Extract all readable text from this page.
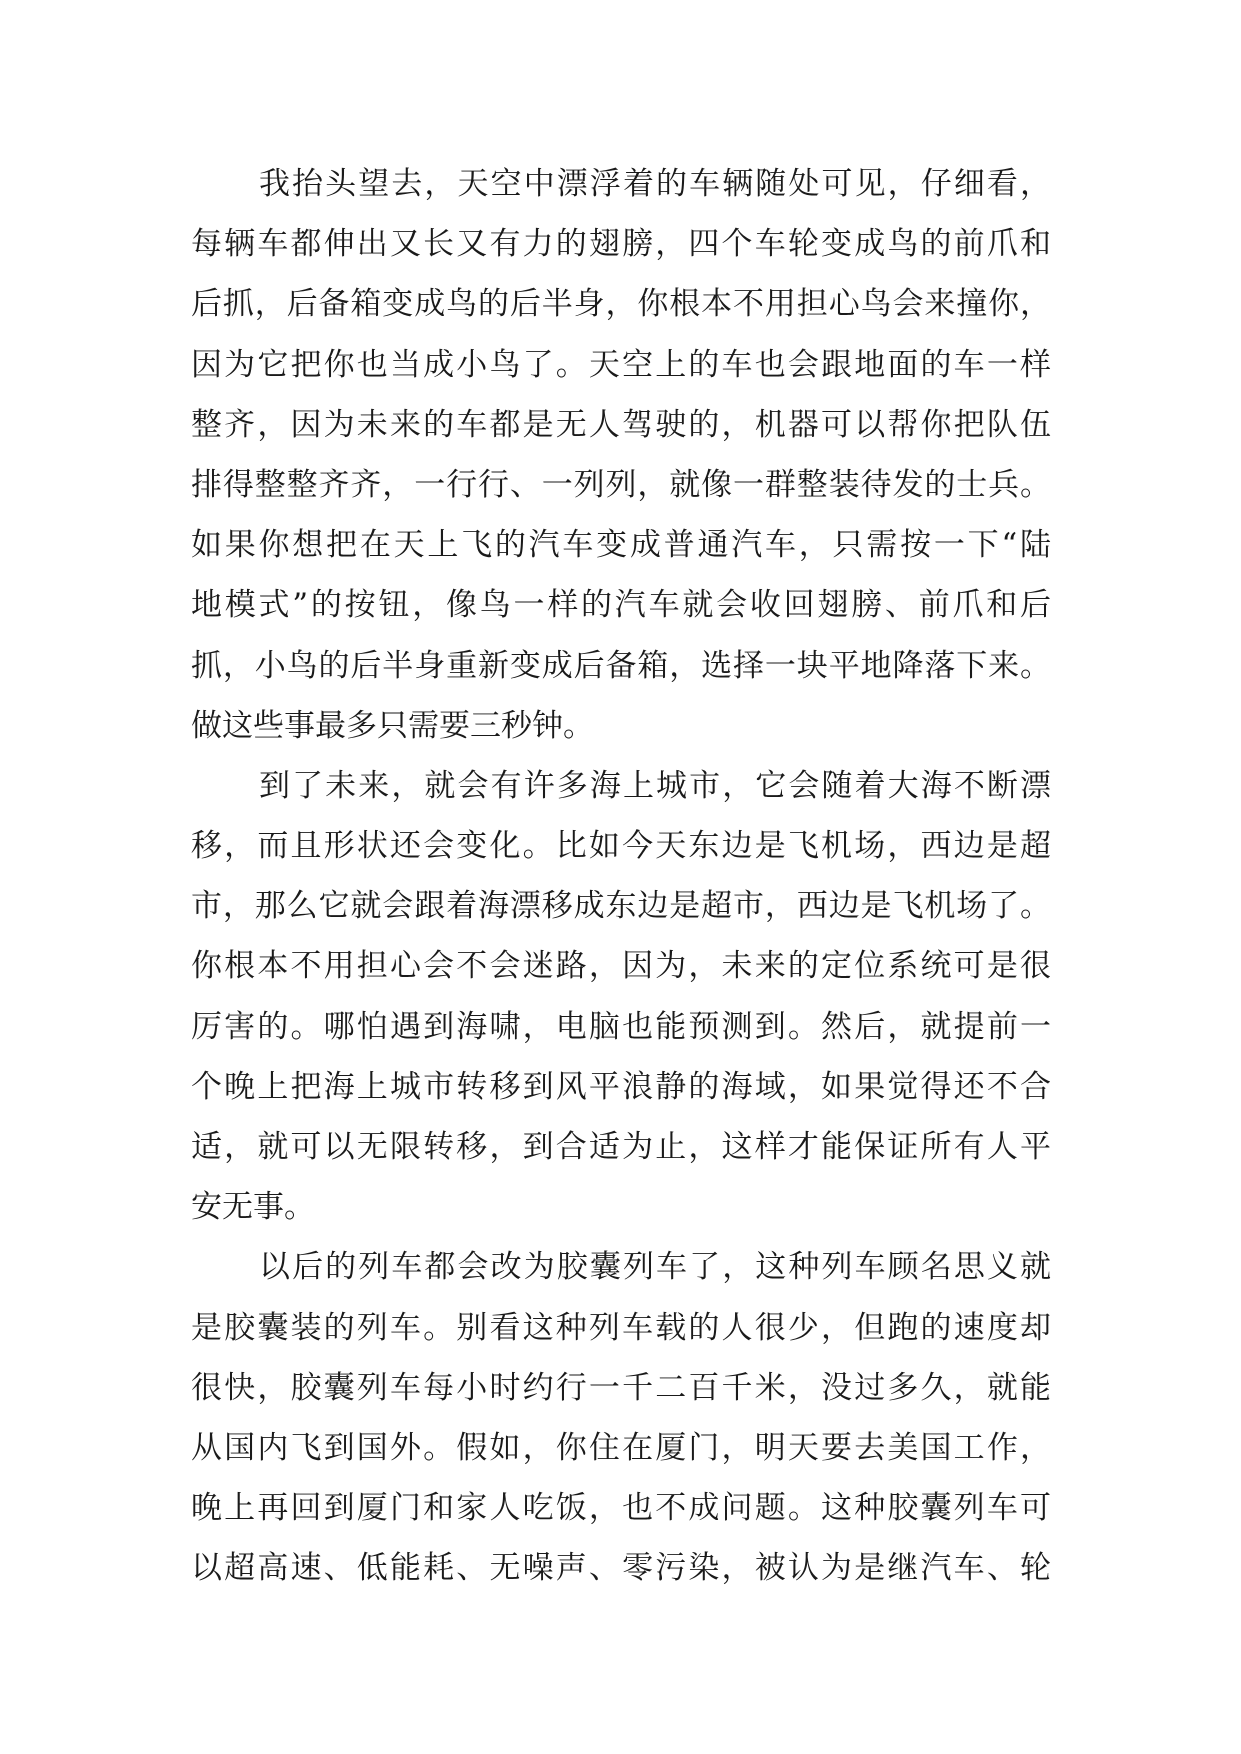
我抬头望去，天空中漂浮着的车辆随处可见，仔细看，
每辆车都伸出又长又有力的翅膀，四个车轮变成鸟的前爪和
后抓，后备箱变成鸟的后半身，你根本不用担心鸟会来撞你，
因为它把你也当成小鸟了。天空上的车也会跟地面的车一样
整齐，因为未来的车都是无人驾驶的，机器可以帮你把队伍
排得整整齐齐，一行行、一列列，就像一群整装待发的士兵。
如果你想把在天上飞的汽车变成普通汽车，只需按一下“陆
地模式”的按钮，像鸟一样的汽车就会收回翅膀、前爪和后
抓，小鸟的后半身重新变成后备箱，选择一块平地降落下来。
做这些事最多只需要三秒钟。
到了未来，就会有许多海上城市，它会随着大海不断漂
移，而且形状还会变化。比如今天东边是飞机场，西边是超
市，那么它就会跟着海漂移成东边是超市，西边是飞机场了。
你根本不用担心会不会迷路，因为，未来的定位系统可是很
厉害的。哪怕遇到海啸，电脑也能预测到。然后，就提前一
个晚上把海上城市转移到风平浪静的海域，如果觉得还不合
适，就可以无限转移，到合适为止，这样才能保证所有人平
安无事。
以后的列车都会改为胶囊列车了，这种列车顾名思义就
是胶囊装的列车。别看这种列车载的人很少，但跑的速度却
很快，胶囊列车每小时约行一千二百千米，没过多久，就能
从国内飞到国外。假如，你住在厦门，明天要去美国工作，
晚上再回到厦门和家人吃饭，也不成问题。这种胶囊列车可
以超高速、低能耗、无噪声、零污染，被认为是继汽车、轮
